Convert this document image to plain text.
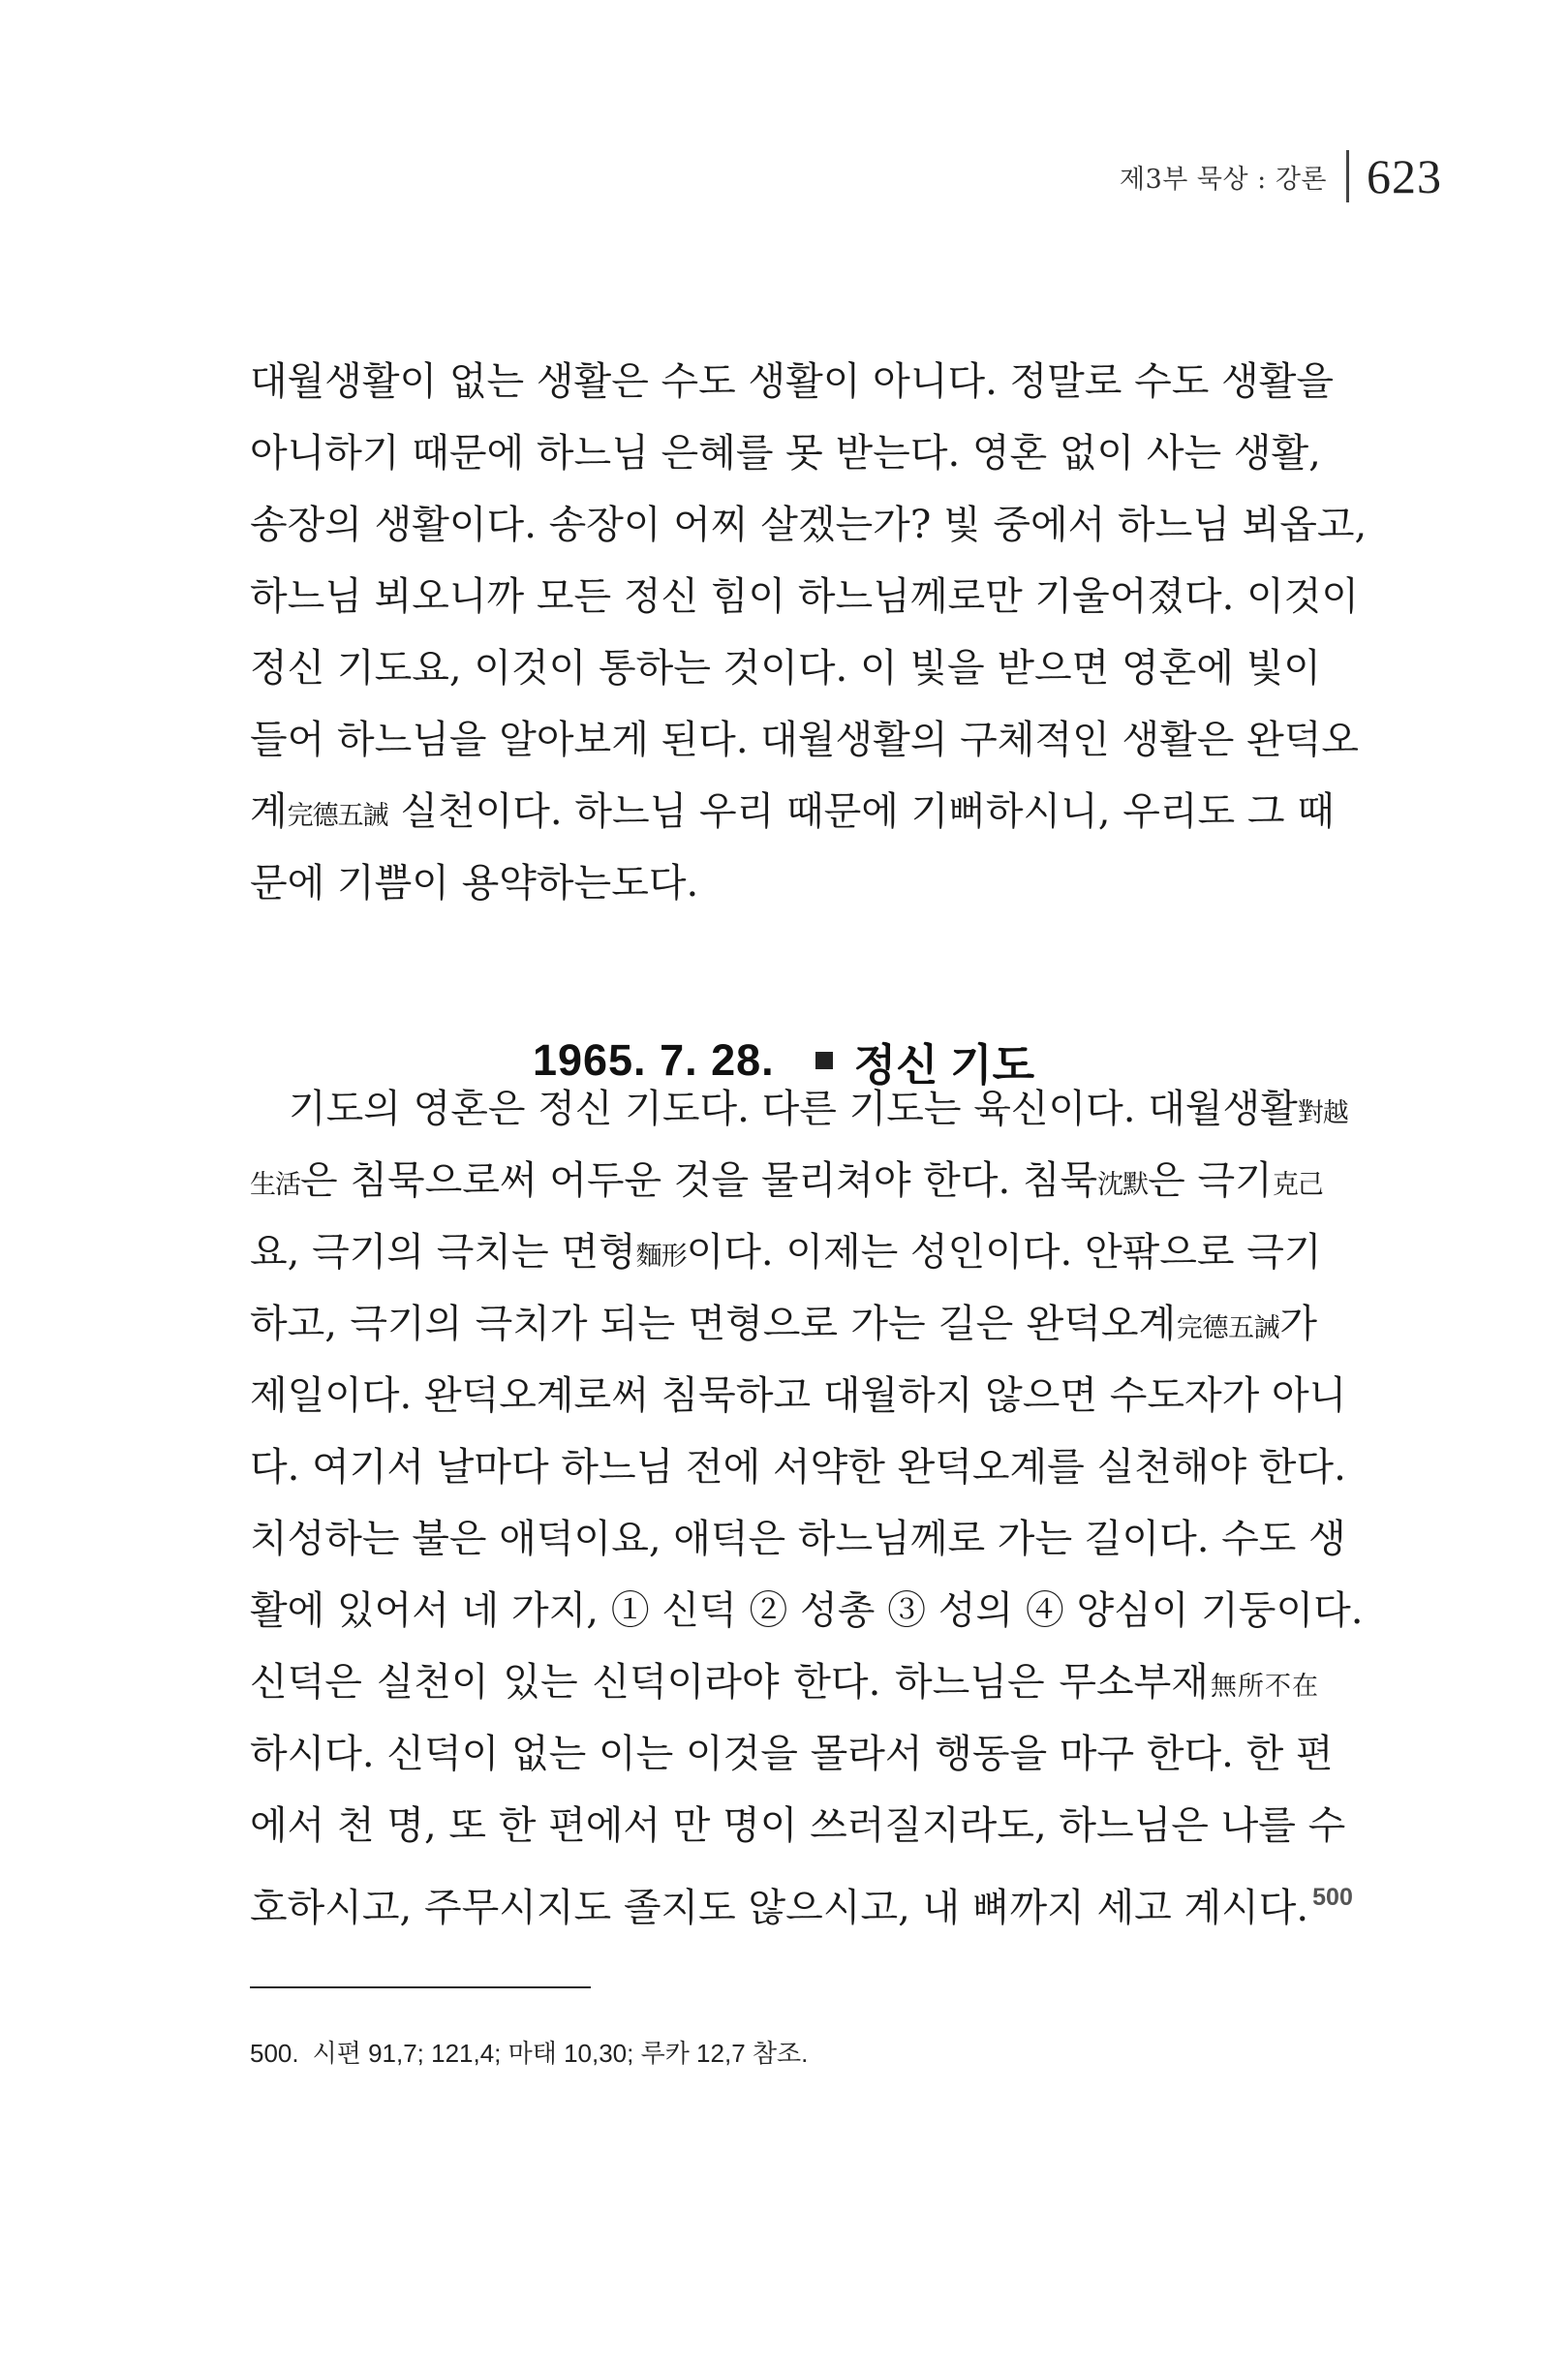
제3부 묵상 : 강론 623
대월생활이 없는 생활은 수도 생활이 아니다. 정말로 수도 생활을
아니하기 때문에 하느님 은혜를 못 받는다. 영혼 없이 사는 생활,
송장의 생활이다. 송장이 어찌 살겠는가? 빛 중에서 하느님 뵈옵고,
하느님 뵈오니까 모든 정신 힘이 하느님께로만 기울어졌다. 이것이
정신 기도요, 이것이 통하는 것이다. 이 빛을 받으면 영혼에 빛이
들어 하느님을 알아보게 된다. 대월생활의 구체적인 생활은 완덕오
계完德五誡 실천이다. 하느님 우리 때문에 기뻐하시니, 우리도 그 때
문에 기쁨이 용약하는도다.
1965. 7. 28. 정신 기도
기도의 영혼은 정신 기도다. 다른 기도는 육신이다. 대월생활對越
生活은 침묵으로써 어두운 것을 물리쳐야 한다. 침묵沈默은 극기克己
요, 극기의 극치는 면형麵形이다. 이제는 성인이다. 안팎으로 극기
하고, 극기의 극치가 되는 면형으로 가는 길은 완덕오계完德五誡가
제일이다. 완덕오계로써 침묵하고 대월하지 않으면 수도자가 아니
다. 여기서 날마다 하느님 전에 서약한 완덕오계를 실천해야 한다.
치성하는 불은 애덕이요, 애덕은 하느님께로 가는 길이다. 수도 생
활에 있어서 네 가지, ① 신덕 ② 성총 ③ 성의 ④ 양심이 기둥이다.
신덕은 실천이 있는 신덕이라야 한다. 하느님은 무소부재無所不在
하시다. 신덕이 없는 이는 이것을 몰라서 행동을 마구 한다. 한 편
에서 천 명, 또 한 편에서 만 명이 쓰러질지라도, 하느님은 나를 수
호하시고, 주무시지도 졸지도 않으시고, 내 뼈까지 세고 계시다. $^{500}$
500. 시편 91,7; 121,4; 마태 10,30; 루카 12,7 참조.
